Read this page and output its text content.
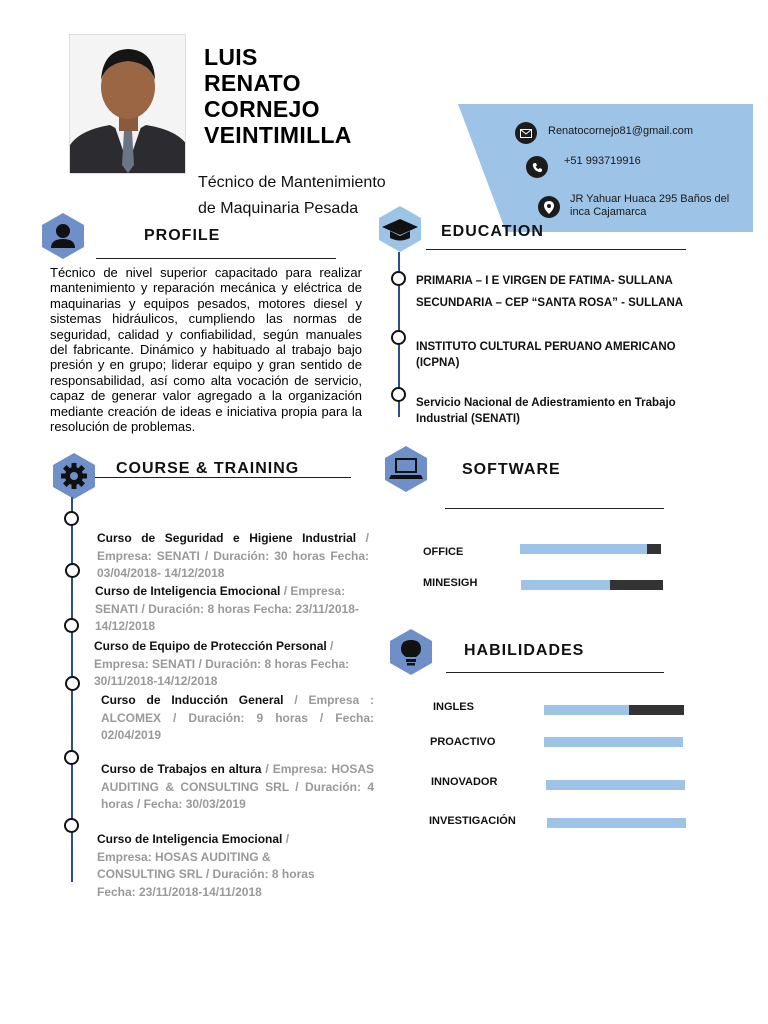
LUIS
RENATO
CORNEJO
VEINTIMILLA
Técnico de Mantenimiento
de Maquinaria Pesada
Renatocornejo81@gmail.com
+51 993719916
JR Yahuar Huaca 295 Baños del inca Cajamarca
PROFILE
Técnico de nivel superior capacitado para realizar mantenimiento y reparación mecánica y eléctrica de maquinarias y equipos pesados, motores diesel y sistemas hidráulicos, cumpliendo las normas de seguridad, calidad y confiabilidad, según manuales del fabricante. Dinámico y habituado al trabajo bajo presión y en grupo; liderar equipo y gran sentido de responsabilidad, así como alta vocación de servicio, capaz de generar valor agregado a la organización mediante creación de ideas e iniciativa propia para la resolución de problemas.
EDUCATION
PRIMARIA – I E VIRGEN DE FATIMA- SULLANA
SECUNDARIA – CEP “SANTA ROSA” - SULLANA
INSTITUTO CULTURAL PERUANO AMERICANO (ICPNA)
Servicio Nacional de Adiestramiento en Trabajo Industrial (SENATI)
COURSE & TRAINING
Curso de Seguridad e Higiene Industrial / Empresa: SENATI / Duración: 30 horas Fecha: 03/04/2018- 14/12/2018
Curso de Inteligencia Emocional / Empresa: SENATI / Duración: 8 horas Fecha: 23/11/2018-14/12/2018
Curso de Equipo de Protección Personal / Empresa: SENATI / Duración: 8 horas Fecha: 30/11/2018-14/12/2018
Curso de Inducción General / Empresa : ALCOMEX / Duración: 9 horas / Fecha: 02/04/2019
Curso de Trabajos en altura / Empresa: HOSAS AUDITING & CONSULTING SRL / Duración: 4 horas / Fecha: 30/03/2019
Curso de Inteligencia Emocional / Empresa: HOSAS AUDITING & CONSULTING SRL / Duración: 8 horas Fecha: 23/11/2018-14/11/2018
SOFTWARE
OFFICE
MINESIGH
HABILIDADES
INGLES
PROACTIVO
INNOVADOR
INVESTIGACIÓN
